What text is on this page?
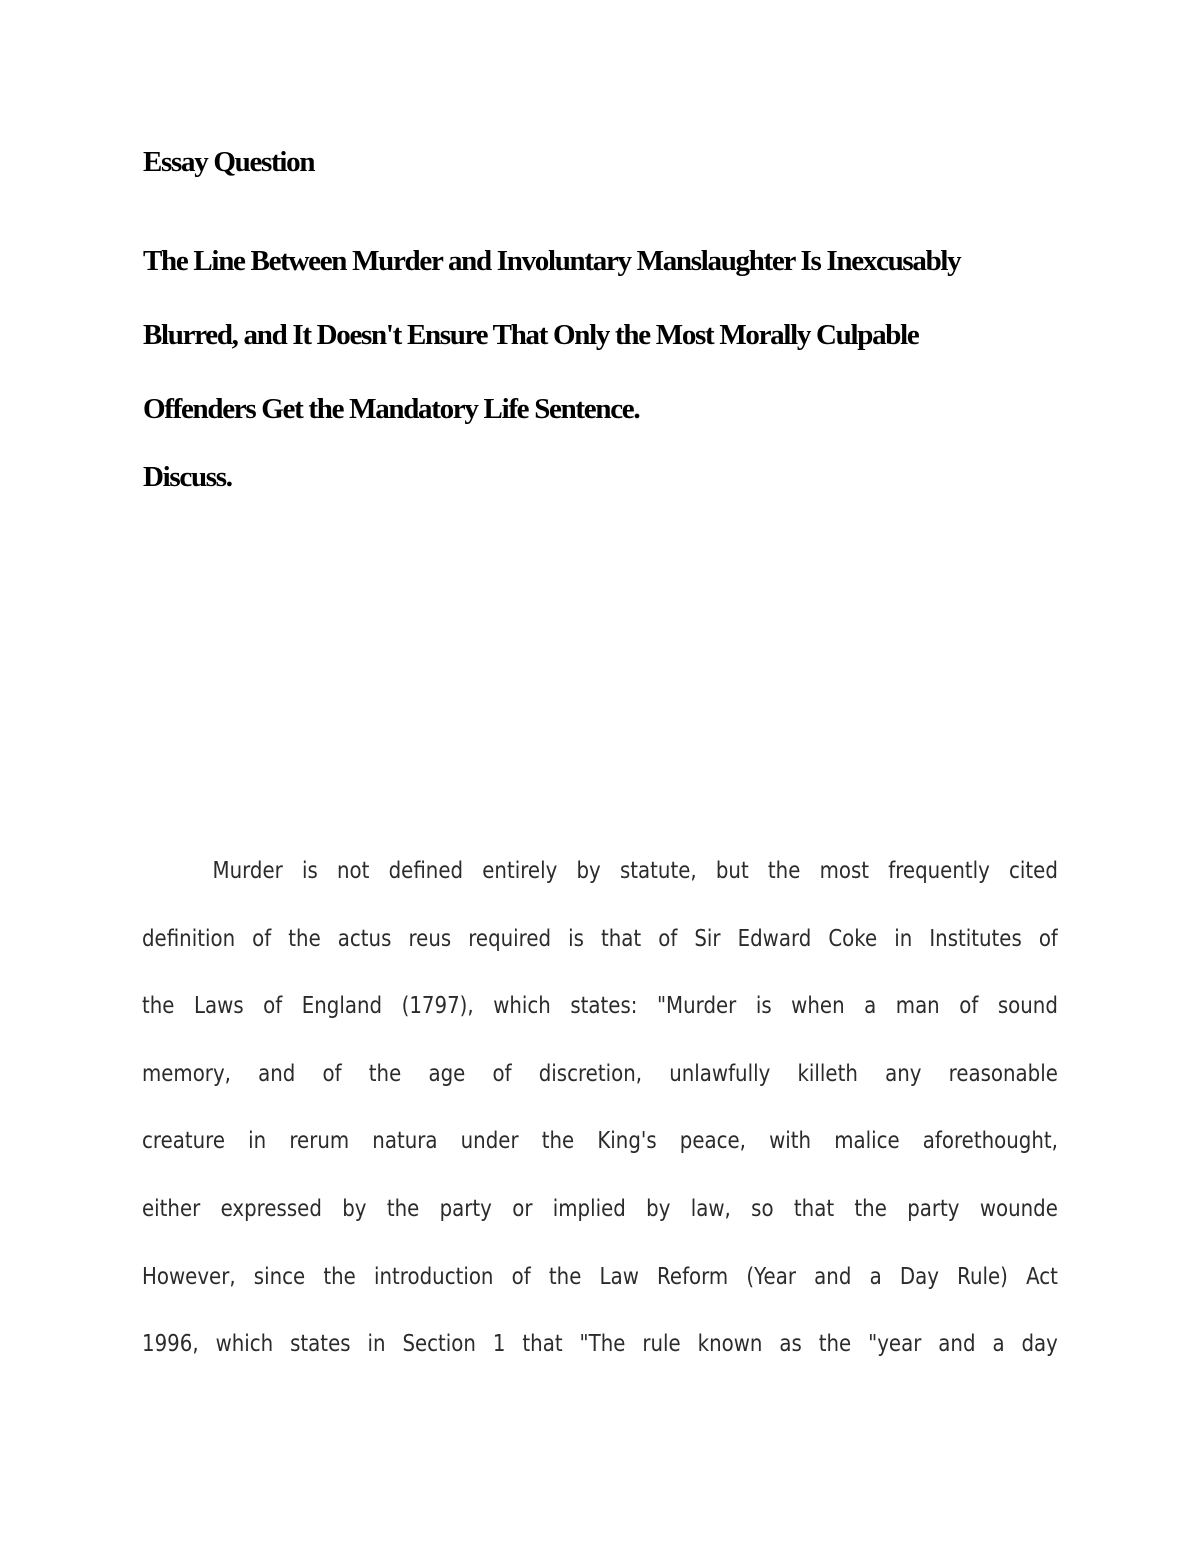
Essay Question
The Line Between Murder and Involuntary Manslaughter Is Inexcusably
Blurred, and It Doesn't Ensure That Only the Most Morally Culpable
Offenders Get the Mandatory Life Sentence.
Discuss.
Murder is not defined entirely by statute, but the most frequently cited
definition of the actus reus required is that of Sir Edward Coke in Institutes of
the Laws of England (1797), which states: "Murder is when a man of sound
memory, and of the age of discretion, unlawfully killeth any reasonable
creature in rerum natura under the King's peace, with malice aforethought,
either expressed by the party or implied by law, so that the party wounde
However, since the introduction of the Law Reform (Year and a Day Rule) Act
1996, which states in Section 1 that "The rule known as the "year and a day
